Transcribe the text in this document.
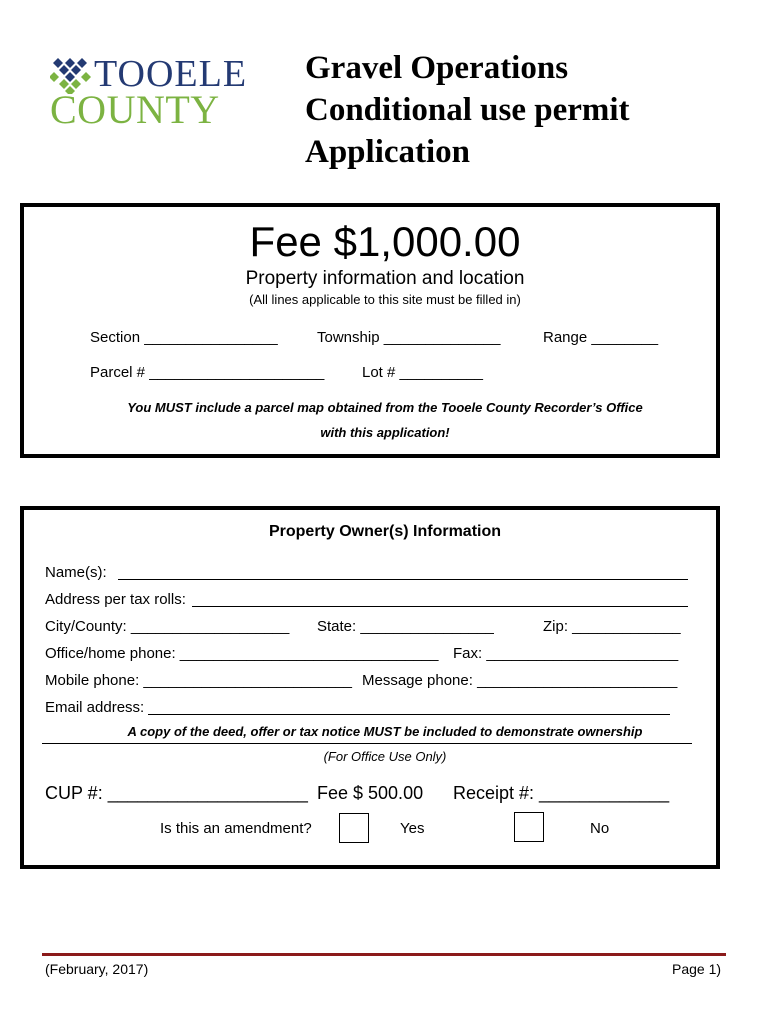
TOOELE
COUNTY
Gravel Operations
Conditional use permit
Application
Fee $1,000.00
Property information and location
(All lines applicable to this site must be filled in)
Section ________________	Township ______________	Range ________
Parcel # _____________________	Lot # __________
You MUST include a parcel map obtained from the Tooele County Recorder’s Office
with this application!
Property Owner(s) Information
Name(s):
Address per tax rolls:
City/County: ___________________ State: ________________	Zip: _____________
Office/home phone: _______________________________ Fax: _______________________
Mobile phone: _________________________ Message phone: ________________________
Email address:
A copy of the deed, offer or tax notice MUST be included to demonstrate ownership
(For Office Use Only)
CUP #: ____________________ Fee $ 500.00 Receipt #: _____________
Is this an amendment?	Yes	No
(February, 2017)	Page 1)
